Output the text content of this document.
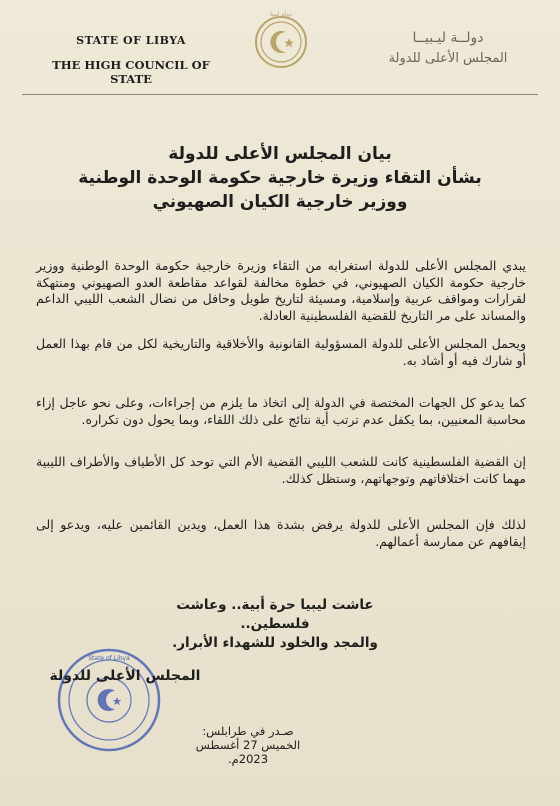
STATE OF LIBYA
THE HIGH COUNCIL OF STATE
دولة ليبيا
دولــة ليـبيــا
المجلس الأعلى للدولة
بيان المجلس الأعلى للدولة
بشأن التقاء وزيرة خارجية حكومة الوحدة الوطنية
ووزير خارجية الكيان الصهيوني

يبدي المجلس الأعلى للدولة استغرابه من التقاء وزيرة خارجية حكومة الوحدة الوطنية ووزير خارجية حكومة الكيان الصهيوني، في خطوة مخالفة لقواعد مقاطعة العدو الصهيوني ومنتهكة لقرارات ومواقف عربية وإسلامية، ومسيئة لتاريخ طويل وحافل من نضال الشعب الليبي الداعم والمساند على مر التاريخ للقضية الفلسطينية العادلة.

ويحمل المجلس الأعلى للدولة المسؤولية القانونية والأخلاقية والتاريخية لكل من قام بهذا العمل أو شارك فيه أو أشاد به.

كما يدعو كل الجهات المختصة في الدولة إلى اتخاذ ما يلزم من إجراءات، وعلى نحو عاجل إزاء محاسبة المعنيين، بما يكفل عدم ترتب أية نتائج على ذلك اللقاء، وبما يحول دون تكراره.

إن القضية الفلسطينية كانت للشعب الليبي القضية الأم التي توحد كل الأطياف والأطراف الليبية مهما كانت اختلافاتهم وتوجهاتهم، وستظل كذلك.

لذلك فإن المجلس الأعلى للدولة يرفض بشدة هذا العمل، ويدين القائمين عليه، ويدعو إلى إيقافهم عن ممارسة أعمالهم.

عاشت ليبيا حرة أبية.. وعاشت فلسطين..
والمجد والخلود للشهداء الأبرار.
State of Libya
المجلس الأعلى للدولة
صـدر في طرابلس:
الخميس 27 أغسطس 2023م.
